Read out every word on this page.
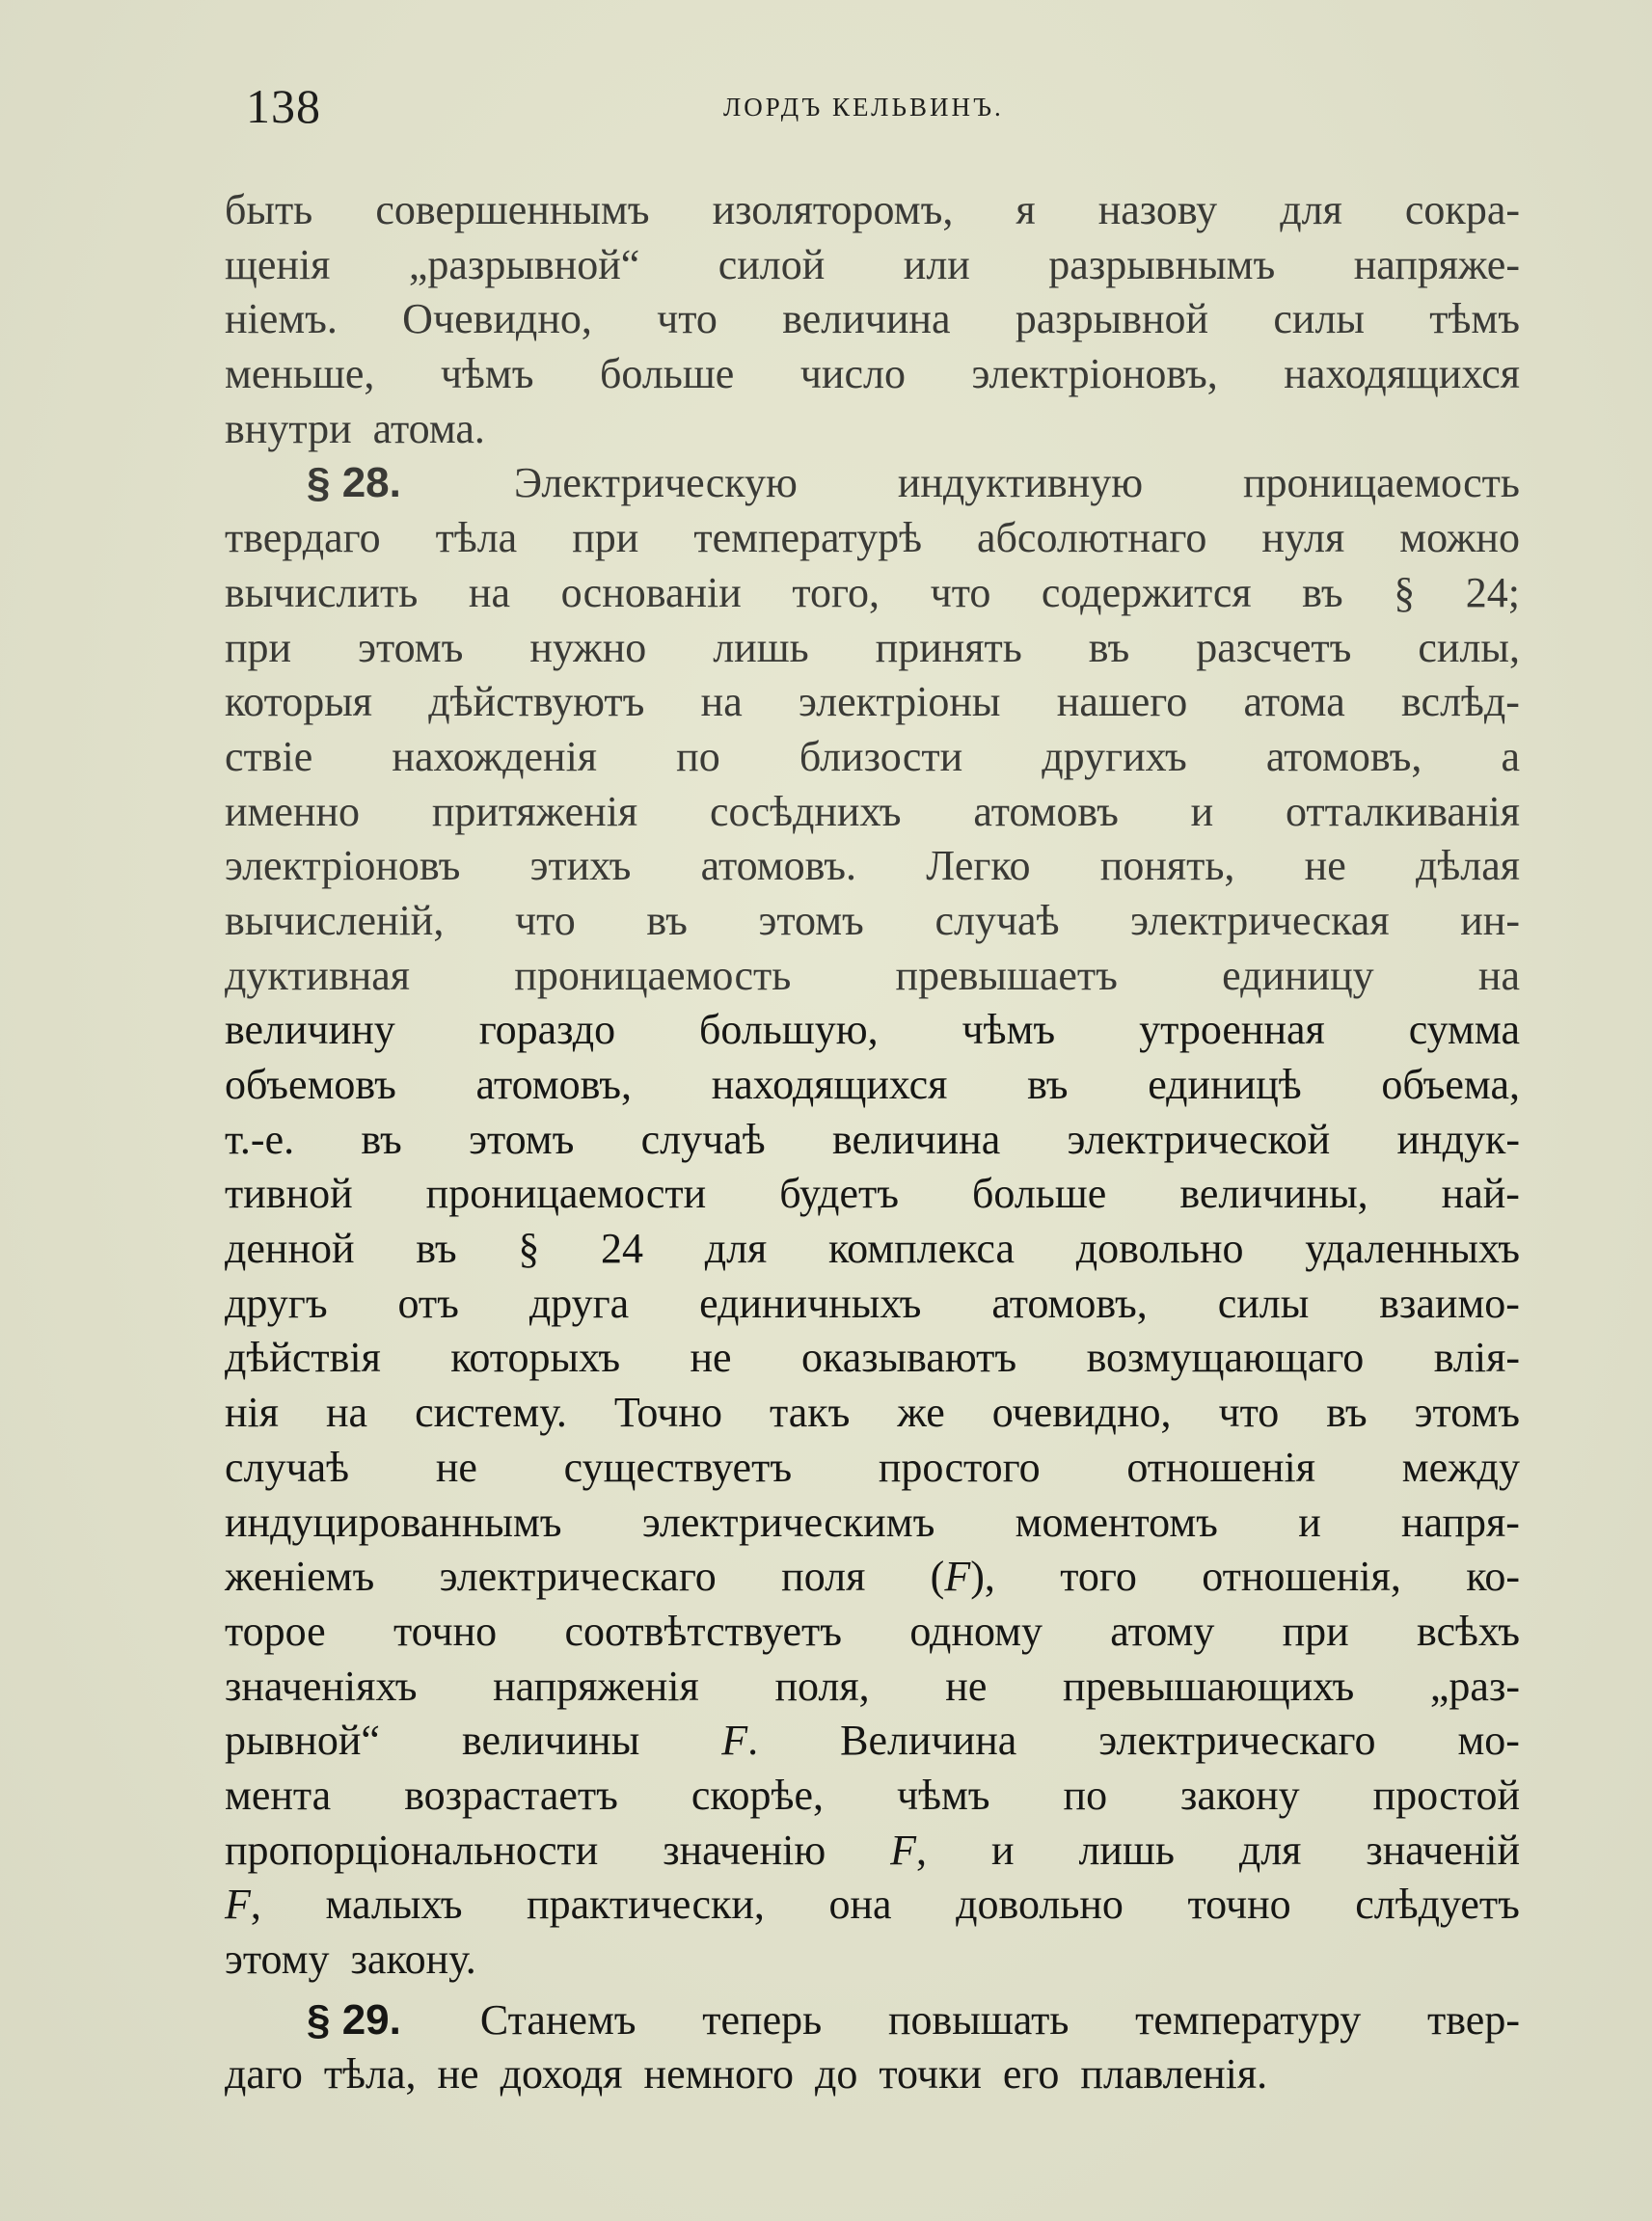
138	ЛОРДЪ КЕЛЬВИНЪ.
быть совершеннымъ изоляторомъ, я назову для сокра-
щенія „разрывной“ силой или разрывнымъ напряже-
ніемъ. Очевидно, что величина разрывной силы тѣмъ
меньше, чѣмъ больше число электріоновъ, находящихся
внутри атома.
§ 28.	Электрическую индуктивную проницаемость
твердаго тѣла при температурѣ абсолютнаго нуля можно
вычислить на основаніи того, что содержится въ § 24;
при этомъ нужно лишь принять въ разсчетъ силы,
которыя дѣйствуютъ на электріоны нашего атома вслѣд-
ствіе нахожденія по близости другихъ атомовъ, а
именно притяженія сосѣднихъ атомовъ и отталкиванія
электріоновъ этихъ атомовъ. Легко понять, не дѣлая
вычисленій, что въ этомъ случаѣ электрическая ин-
дуктивная проницаемость превышаетъ единицу на
величину гораздо большую, чѣмъ утроенная сумма
объемовъ атомовъ, находящихся въ единицѣ объема,
т.-е. въ этомъ случаѣ величина электрической индук-
тивной проницаемости будетъ больше величины, най-
денной въ § 24 для комплекса довольно удаленныхъ
другъ отъ друга единичныхъ атомовъ, силы взаимо-
дѣйствія которыхъ не оказываютъ возмущающаго влія-
нія на систему. Точно такъ же очевидно, что въ этомъ
случаѣ не существуетъ простого отношенія между
индуцированнымъ электрическимъ моментомъ и напря-
женіемъ электрическаго поля (F), того отношенія, ко-
торое точно соотвѣтствуетъ одному атому при всѣхъ
значеніяхъ напряженія поля, не превышающихъ „раз-
рывной“ величины F. Величина электрическаго мо-
мента возрастаетъ скорѣе, чѣмъ по закону простой
пропорціональности значенію F, и лишь для значеній
F, малыхъ практически, она довольно точно слѣдуетъ
этому закону.
§ 29. Станемъ теперь повышать температуру твер-
даго тѣла, не доходя немного до точки его плавленія.
